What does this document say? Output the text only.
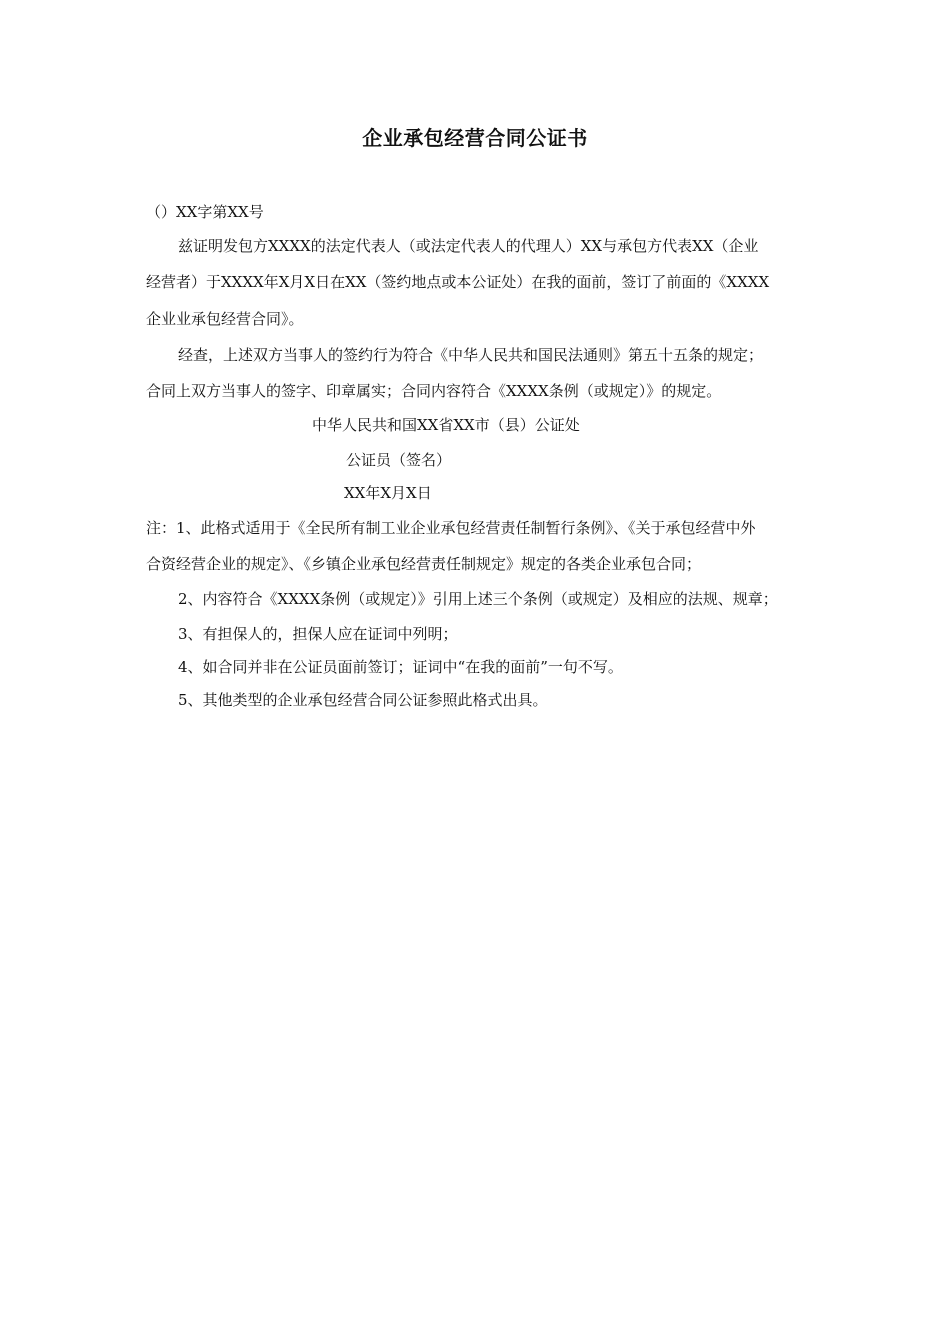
企业承包经营合同公证书
（）XX字第XX号
兹证明发包方XXXX的法定代表人（或法定代表人的代理人）XX与承包方代表XX（企业
经营者）于XXXX年X月X日在XX（签约地点或本公证处）在我的面前，签订了前面的《XXXX
企业业承包经营合同》。
经查，上述双方当事人的签约行为符合《中华人民共和国民法通则》第五十五条的规定；
合同上双方当事人的签字、印章属实；合同内容符合《XXXX条例（或规定）》的规定。
中华人民共和国XX省XX市（县）公证处
公证员（签名）
XX年X月X日
注：1、此格式适用于《全民所有制工业企业承包经营责任制暂行条例》、《关于承包经营中外
合资经营企业的规定》、《乡镇企业承包经营责任制规定》规定的各类企业承包合同；
2、内容符合《XXXX条例（或规定）》引用上述三个条例（或规定）及相应的法规、规章；
3、有担保人的，担保人应在证词中列明；
4、如合同并非在公证员面前签订；证词中“在我的面前”一句不写。
5、其他类型的企业承包经营合同公证参照此格式出具。
